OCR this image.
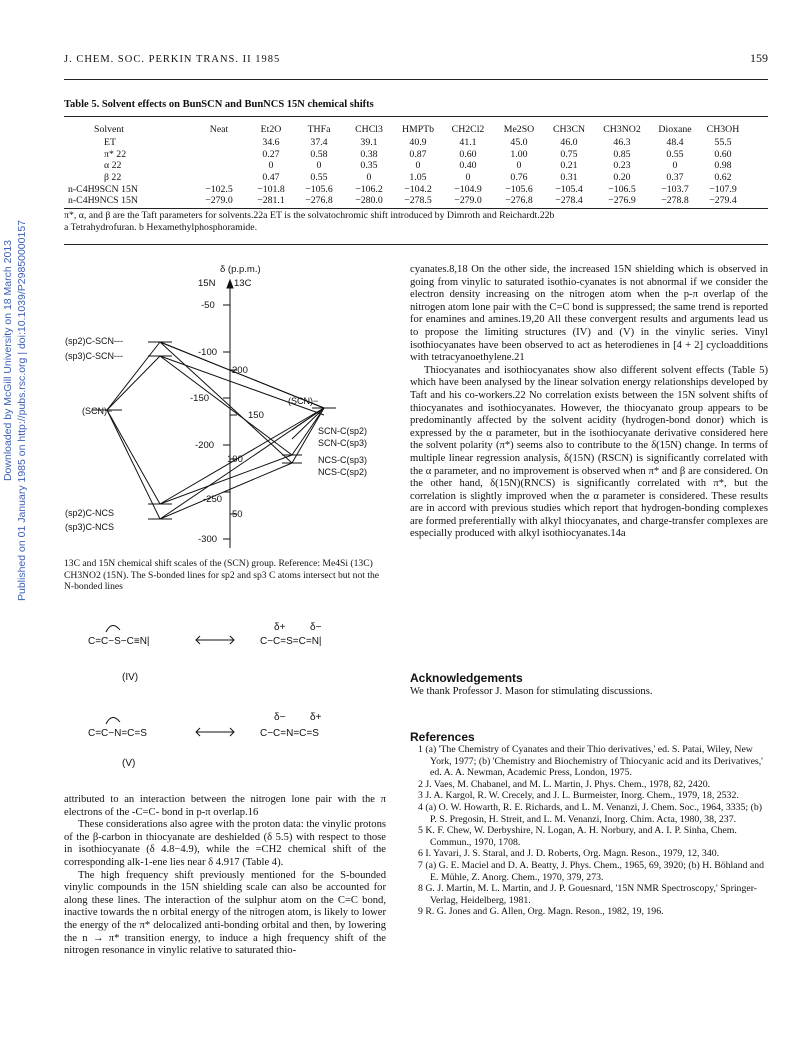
Downloaded by McGill University on 18 March 2013 Published on 01 January 1985 on http://pubs.rsc.org | doi:10.1039/P29850000157
J. CHEM. SOC. PERKIN TRANS. II 1985	159
Table 5. Solvent effects on BunSCN and BunNCS 15N chemical shifts
Solvent	Neat	Et2O	THFa	CHCl3	HMPTb	CH2Cl2	Me2SO	CH3CN	CH3NO2	Dioxane	CH3OH
ET		34.6	37.4	39.1	40.9	41.1	45.0	46.0	46.3	48.4	55.5
π* 22		0.27	0.58	0.38	0.87	0.60	1.00	0.75	0.85	0.55	0.60
α 22		0	0	0.35	0	0.40	0	0.21	0.23	0	0.98
β 22		0.47	0.55	0	1.05	0	0.76	0.31	0.20	0.37	0.62
n-C4H9SCN 15N	−102.5	−101.8	−105.6	−106.2	−104.2	−104.9	−105.6	−105.4	−106.5	−103.7	−107.9
n-C4H9NCS 15N	−279.0	−281.1	−276.8	−280.0	−278.5	−279.0	−276.8	−278.4	−276.9	−278.8	−279.4
π*, α, and β are the Taft parameters for solvents.22a ET is the solvatochromic shift introduced by Dimroth and Reichardt.22b
a Tetrahydrofuran. b Hexamethylphosphoramide.
δ (p.p.m.)
15N 13C
-50
-100
-150
-200
-250
-300
200
150
100
50
(sp2)C-SCN---
(sp3)C-SCN---
(SCN)−
(sp2)C-NCS
(sp3)C-NCS
(SCN)−
SCN-C(sp2)
SCN-C(sp3)
NCS-C(sp3)
NCS-C(sp2)
13C and 15N chemical shift scales of the (SCN) group. Reference: Me4Si (13C) CH3NO2 (15N). The S-bonded lines for sp2 and sp3 C atoms intersect but not the N-bonded lines
C=C−S−C≡N|	C−C=S=C=N|
δ+ δ−
(IV)
C=C−N=C=S	C−C=N=C=S
δ− δ+
(V)

attributed to an interaction between the nitrogen lone pair with the π electrons of the -C=C- bond in p-π overlap.16

These considerations also agree with the proton data: the vinylic protons of the β-carbon in thiocyanate are deshielded (δ 5.5) with respect to those in isothiocyanate (δ 4.8−4.9), while the =CH2 chemical shift of the corresponding alk-1-ene lies near δ 4.917 (Table 4).

The high frequency shift previously mentioned for the S-bounded vinylic compounds in the 15N shielding scale can also be accounted for along these lines. The interaction of the sulphur atom on the C=C bond, inactive towards the n orbital energy of the nitrogen atom, is likely to lower the energy of the π* delocalized anti-bonding orbital and then, by lowering the n → π* transition energy, to induce a high frequency shift of the nitrogen resonance in vinylic relative to saturated thio-

cyanates.8,18 On the other side, the increased 15N shielding which is observed in going from vinylic to saturated isothio-cyanates is not abnormal if we consider the electron density increasing on the nitrogen atom when the p-π overlap of the nitrogen atom lone pair with the C=C bond is suppressed; the same trend is reported for enamines and amines.19,20 All these convergent results and arguments lead us to propose the limiting structures (IV) and (V) in the vinylic series. Vinyl isothiocyanates have been observed to act as heterodienes in [4 + 2] cycloadditions with tetracyanoethylene.21

Thiocyanates and isothiocyanates show also different solvent effects (Table 5) which have been analysed by the linear solvation energy relationships developed by Taft and his co-workers.22 No correlation exists between the 15N solvent shifts of thiocyanates and isothiocyanates. However, the thiocyanato group appears to be predominantly affected by the solvent acidity (hydrogen-bond donor) which is expressed by the α parameter, but in the isothiocyanate derivative considered here the solvent polarity (π*) seems also to contribute to the δ(15N) change. In terms of multiple linear regression analysis, δ(15N) (RSCN) is significantly correlated with the α parameter, and no improvement is observed when π* and β are considered. On the other hand, δ(15N)(RNCS) is significantly correlated with π*, but the correlation is slightly improved when the α parameter is considered. These results are in accord with previous studies which report that hydrogen-bonding complexes are formed preferentially with alkyl thiocyanates, and charge-transfer complexes are especially produced with alkyl isothiocyanates.14a

Acknowledgements
We thank Professor J. Mason for stimulating discussions.
References
1 (a) 'The Chemistry of Cyanates and their Thio derivatives,' ed. S. Patai, Wiley, New York, 1977; (b) 'Chemistry and Biochemistry of Thiocyanic acid and its Derivatives,' ed. A. A. Newman, Academic Press, London, 1975.
2 J. Vaes, M. Chabanel, and M. L. Martin, J. Phys. Chem., 1978, 82, 2420.
3 J. A. Kargol, R. W. Crecely, and J. L. Burmeister, Inorg. Chem., 1979, 18, 2532.
4 (a) O. W. Howarth, R. E. Richards, and L. M. Venanzi, J. Chem. Soc., 1964, 3335; (b) P. S. Pregosin, H. Streit, and L. M. Venanzi, Inorg. Chim. Acta, 1980, 38, 237.
5 K. F. Chew, W. Derbyshire, N. Logan, A. H. Norbury, and A. I. P. Sinha, Chem. Commun., 1970, 1708.
6 I. Yavari, J. S. Staral, and J. D. Roberts, Org. Magn. Reson., 1979, 12, 340.
7 (a) G. E. Maciel and D. A. Beatty, J. Phys. Chem., 1965, 69, 3920; (b) H. Böhland and E. Mühle, Z. Anorg. Chem., 1970, 379, 273.
8 G. J. Martin, M. L. Martin, and J. P. Gouesnard, '15N NMR Spectroscopy,' Springer-Verlag, Heidelberg, 1981.
9 R. G. Jones and G. Allen, Org. Magn. Reson., 1982, 19, 196.
